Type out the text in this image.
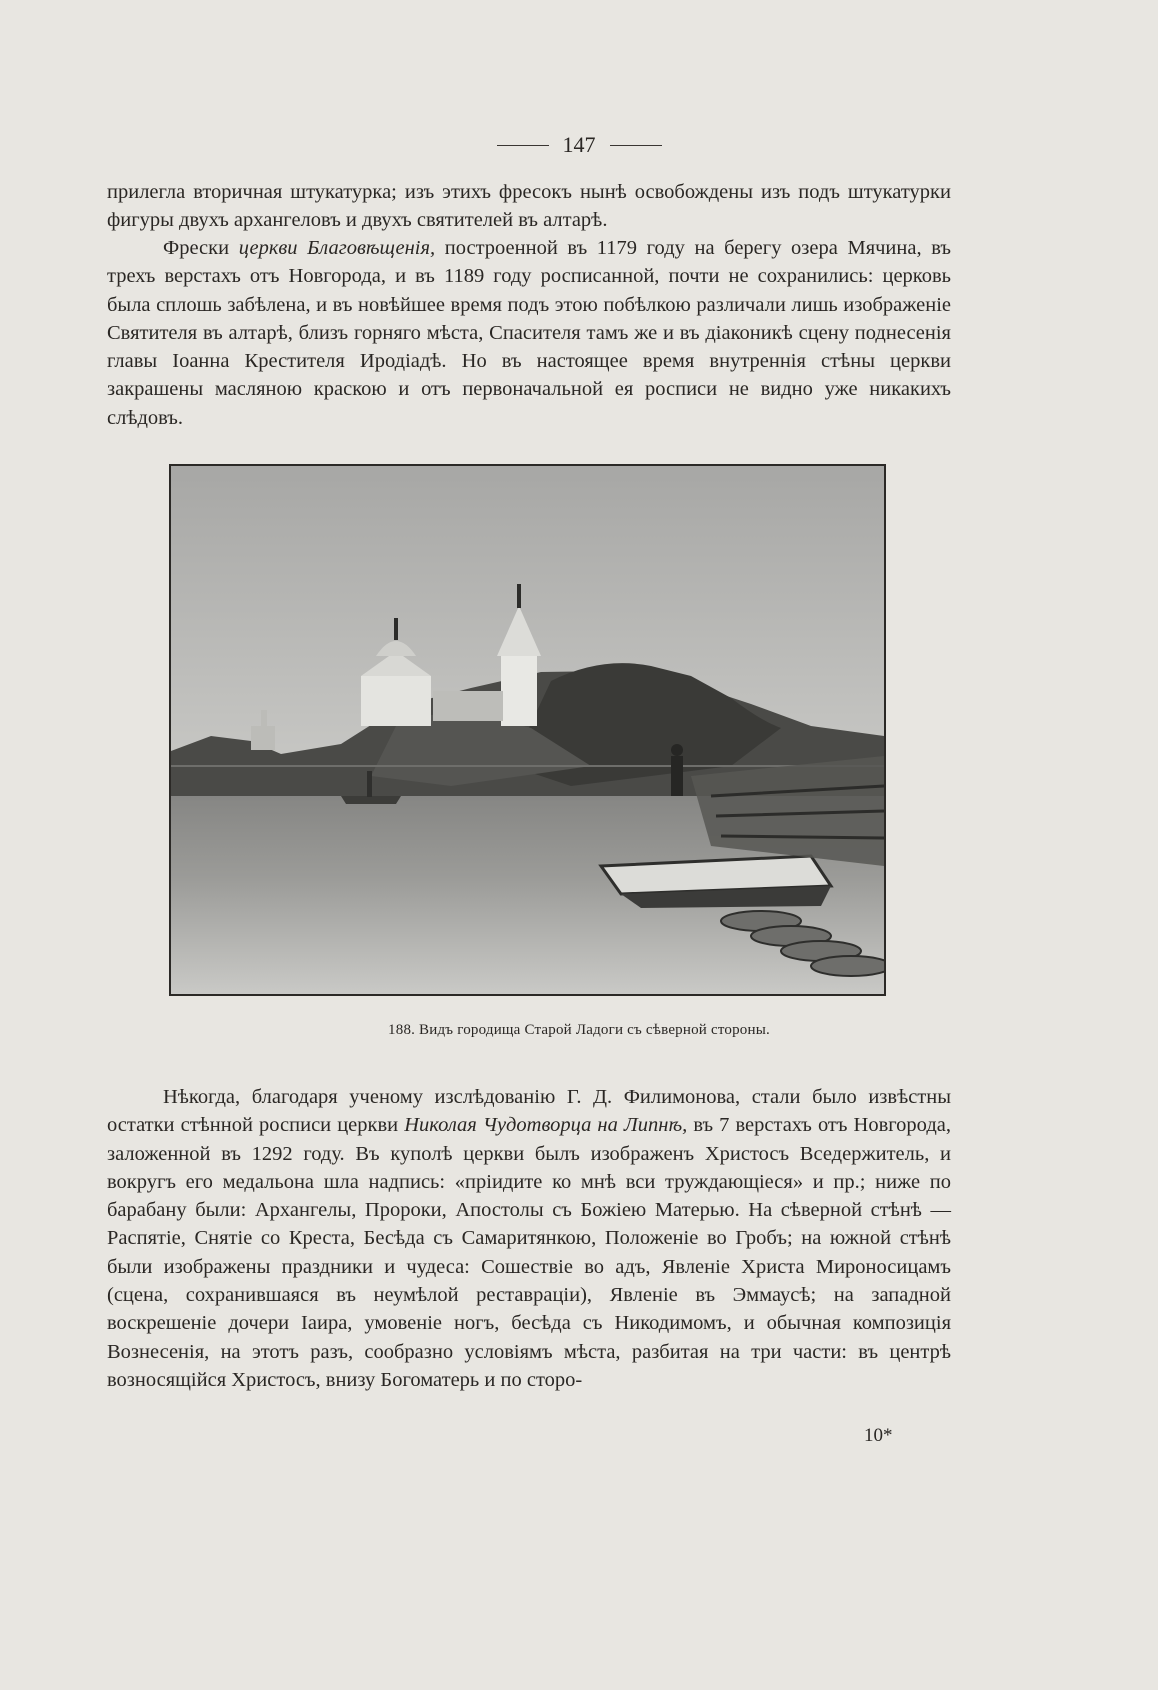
147

прилегла вторичная штукатурка; изъ этихъ фресокъ нынѣ освобождены изъ подъ штукатурки фигуры двухъ архангеловъ и двухъ святителей въ алтарѣ.

Фрески церкви Благовѣщенія, построенной въ 1179 году на берегу озера Мячина, въ трехъ верстахъ отъ Новгорода, и въ 1189 году росписанной, почти не сохранились: церковь была сплошь забѣлена, и въ новѣйшее время подъ этою побѣлкою различали лишь изображеніе Святителя въ алтарѣ, близъ горняго мѣста, Спасителя тамъ же и въ діаконикѣ сцену поднесенія главы Іоанна Крестителя Иродіадѣ. Но въ настоящее время внутреннія стѣны церкви закрашены масляною краскою и отъ первоначальной ея росписи не видно уже никакихъ слѣдовъ.

188. Видъ городища Старой Ладоги съ сѣверной стороны.

Нѣкогда, благодаря ученому изслѣдованію Г. Д. Филимонова, стали было извѣстны остатки стѣнной росписи церкви Николая Чудотворца на Липнѣ, въ 7 верстахъ отъ Новгорода, заложенной въ 1292 году. Въ куполѣ церкви былъ изображенъ Христосъ Вседержитель, и вокругъ его медальона шла надпись: «пріидите ко мнѣ вси труждающіеся» и пр.; ниже по барабану были: Архангелы, Пророки, Апостолы съ Божіею Матерью. На сѣверной стѣнѣ — Распятіе, Снятіе со Креста, Бесѣда съ Самаритянкою, Положеніе во Гробъ; на южной стѣнѣ были изображены праздники и чудеса: Сошествіе во адъ, Явленіе Христа Мироносицамъ (сцена, сохранившаяся въ неумѣлой реставраціи), Явленіе въ Эммаусѣ; на западной воскрешеніе дочери Іаира, умовеніе ногъ, бесѣда съ Никодимомъ, и обычная композиція Вознесенія, на этотъ разъ, сообразно условіямъ мѣста, разбитая на три части: въ центрѣ возносящійся Христосъ, внизу Богоматерь и по сторо-

10*
